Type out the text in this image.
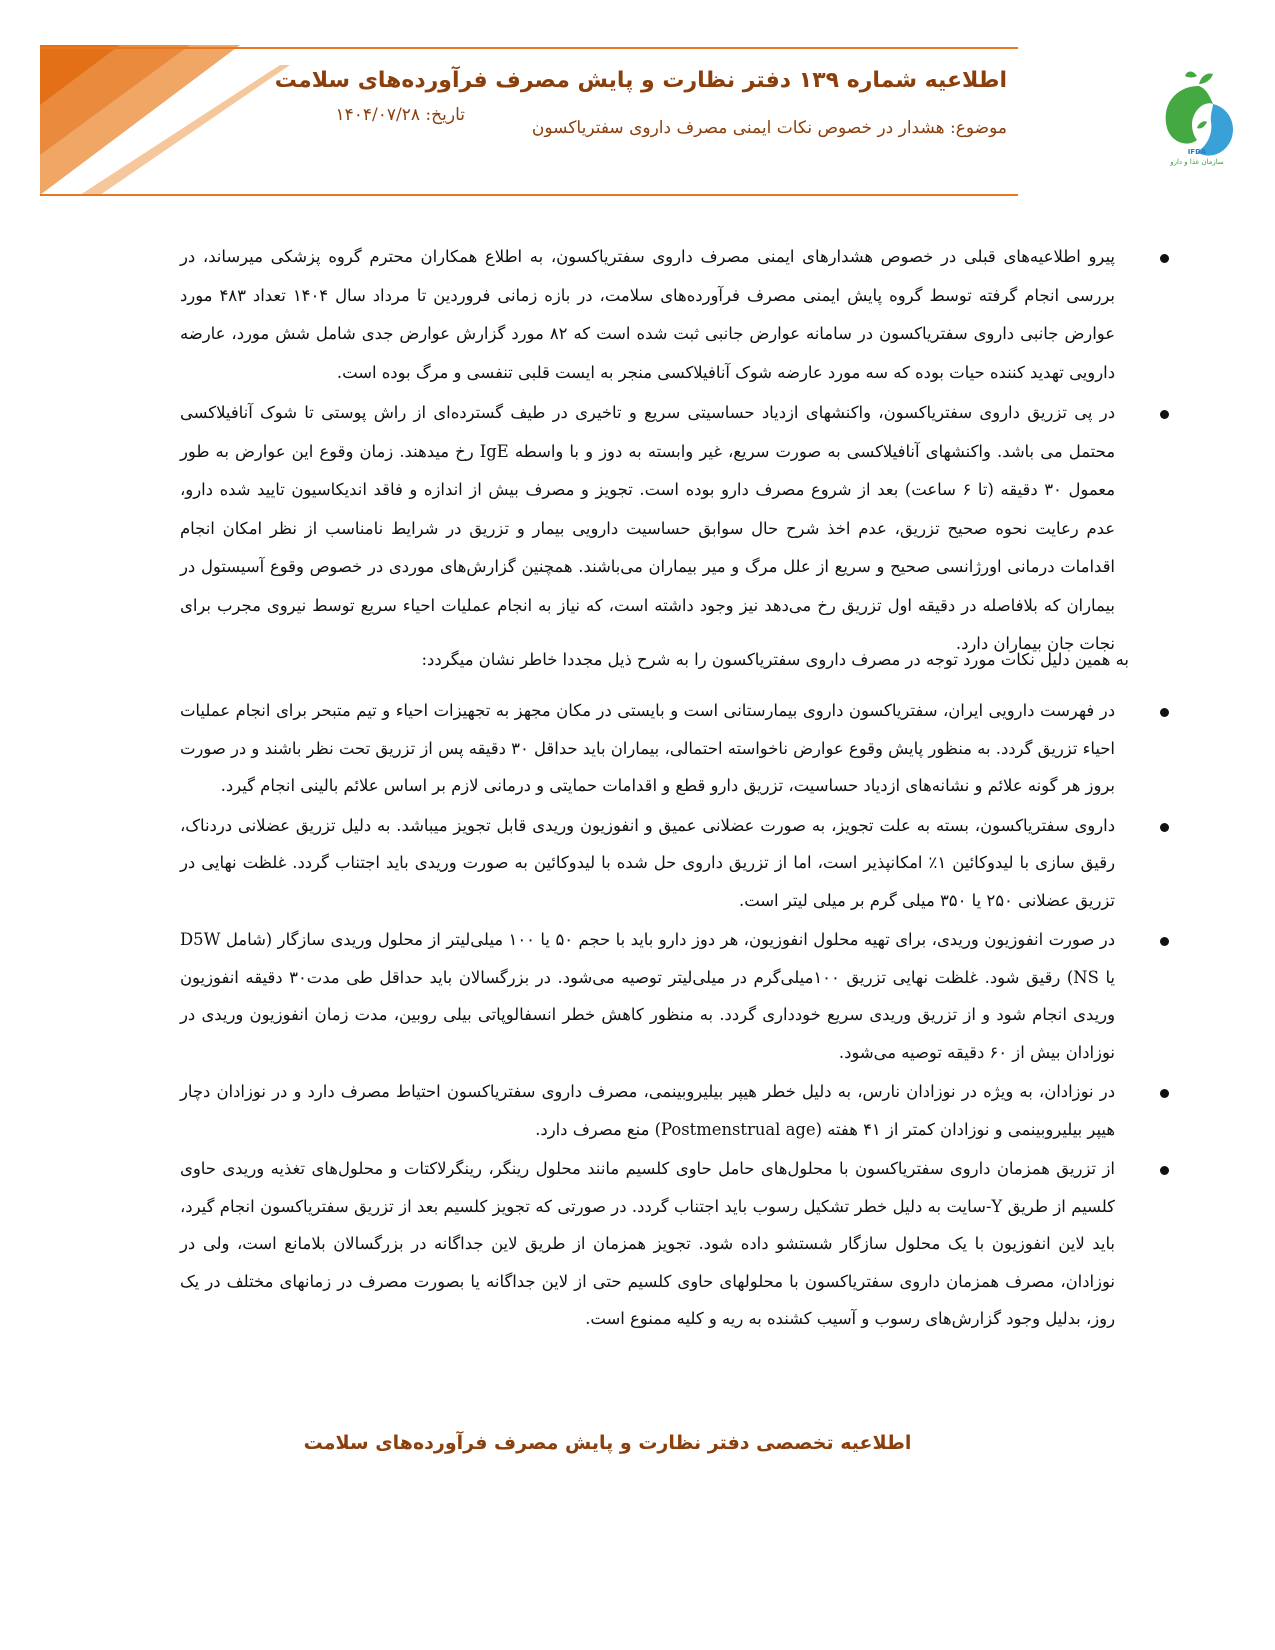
اطلاعیه شماره ۱۳۹ دفتر نظارت و پایش مصرف فرآورده‌های سلامت
موضوع: هشدار در خصوص نکات ایمنی مصرف داروی سفتریاکسون
تاریخ: ۱۴۰۴/۰۷/۲۸
IFDA
سازمان غذا و دارو
پیرو اطلاعیه‌های قبلی در خصوص هشدارهای ایمنی مصرف داروی سفتریاکسون، به اطلاع همکاران محترم گروه پزشکی میرساند، در بررسی انجام گرفته توسط گروه پایش ایمنی مصرف فرآورده‌های سلامت، در بازه زمانی فروردین تا مرداد سال ۱۴۰۴ تعداد ۴۸۳ مورد عوارض جانبی داروی سفتریاکسون در سامانه عوارض جانبی ثبت شده است که ۸۲ مورد گزارش عوارض جدی شامل شش مورد، عارضه دارویی تهدید کننده حیات بوده که سه مورد عارضه شوک آنافیلاکسی منجر به ایست قلبی تنفسی و مرگ بوده است.
در پی تزریق داروی سفتریاکسون، واکنشهای ازدیاد حساسیتی سریع و تاخیری در طیف گسترده‌ای از راش پوستی تا شوک آنافیلاکسی محتمل می باشد. واکنشهای آنافیلاکسی به صورت سریع، غیر وابسته به دوز و با واسطه IgE رخ میدهند. زمان وقوع این عوارض به طور معمول ۳۰ دقیقه (تا ۶ ساعت) بعد از شروع مصرف دارو بوده است. تجویز و مصرف بیش از اندازه و فاقد اندیکاسیون تایید شده دارو، عدم رعایت نحوه صحیح تزریق، عدم اخذ شرح حال سوابق حساسیت دارویی بیمار و تزریق در شرایط نامناسب از نظر امکان انجام اقدامات درمانی اورژانسی صحیح و سریع از علل مرگ و میر بیماران می‌باشند. همچنین گزارش‌های موردی در خصوص وقوع آسیستول در بیماران که بلافاصله در دقیقه اول تزریق رخ می‌دهد نیز وجود داشته است، که نیاز به انجام عملیات احیاء سریع توسط نیروی مجرب برای نجات جان بیماران دارد.
به همین دلیل نکات مورد توجه در مصرف داروی سفتریاکسون را به شرح ذیل مجددا خاطر نشان میگردد:
در فهرست دارویی ایران، سفتریاکسون داروی بیمارستانی است و بایستی در مکان مجهز به تجهیزات احیاء و تیم متبحر برای انجام عملیات احیاء تزریق گردد. به منظور پایش وقوع عوارض ناخواسته احتمالی، بیماران باید حداقل ۳۰ دقیقه پس از تزریق تحت نظر باشند و در صورت بروز هر گونه علائم و نشانه‌های ازدیاد حساسیت، تزریق دارو قطع و اقدامات حمایتی و درمانی لازم بر اساس علائم بالینی انجام گیرد.
داروی سفتریاکسون، بسته به علت تجویز، به صورت عضلانی عمیق و انفوزیون وریدی قابل تجویز میباشد. به دلیل تزریق عضلانی دردناک، رقیق سازی با لیدوکائین ۱٪ امکانپذیر است، اما از تزریق داروی حل شده با لیدوکائین به صورت وریدی باید اجتناب گردد. غلظت نهایی در تزریق عضلانی ۲۵۰ یا ۳۵۰ میلی گرم بر میلی لیتر است.
در صورت انفوزیون وریدی، برای تهیه محلول انفوزیون، هر دوز دارو باید با حجم ۵۰ یا ۱۰۰ میلی‌لیتر از محلول وریدی سازگار (شامل D5W یا NS) رقیق شود. غلظت نهایی تزریق ۱۰۰میلی‌گرم در میلی‌لیتر توصیه می‌شود. در بزرگسالان باید حداقل طی مدت۳۰ دقیقه انفوزیون وریدی انجام شود و از تزریق وریدی سریع خودداری گردد. به منظور کاهش خطر انسفالوپاتی بیلی روبین، مدت زمان انفوزیون وریدی در نوزادان بیش از ۶۰ دقیقه توصیه می‌شود.
در نوزادان، به ویژه در نوزادان نارس، به دلیل خطر هیپر بیلیروبینمی، مصرف داروی سفتریاکسون احتیاط مصرف دارد و در نوزادان دچار هیپر بیلیروبینمی و نوزادان کمتر از ۴۱ هفته (Postmenstrual age) منع مصرف دارد.
از تزریق همزمان داروی سفتریاکسون با محلول‌های حامل حاوی کلسیم مانند محلول رینگر، رینگرلاکتات و محلول‌های تغذیه وریدی حاوی کلسیم از طریق Y-سایت به دلیل خطر تشکیل رسوب باید اجتناب گردد. در صورتی که تجویز کلسیم بعد از تزریق سفتریاکسون انجام گیرد، باید لاین انفوزیون با یک محلول سازگار شستشو داده شود. تجویز همزمان از طریق لاین جداگانه در بزرگسالان بلامانع است، ولی در نوزادان، مصرف همزمان داروی سفتریاکسون با محلولهای حاوی کلسیم حتی از لاین جداگانه یا بصورت مصرف در زمانهای مختلف در یک روز، بدلیل وجود گزارش‌های رسوب و آسیب کشنده به ریه و کلیه ممنوع است.
اطلاعیه تخصصی دفتر نظارت و پایش مصرف فرآورده‌های سلامت
